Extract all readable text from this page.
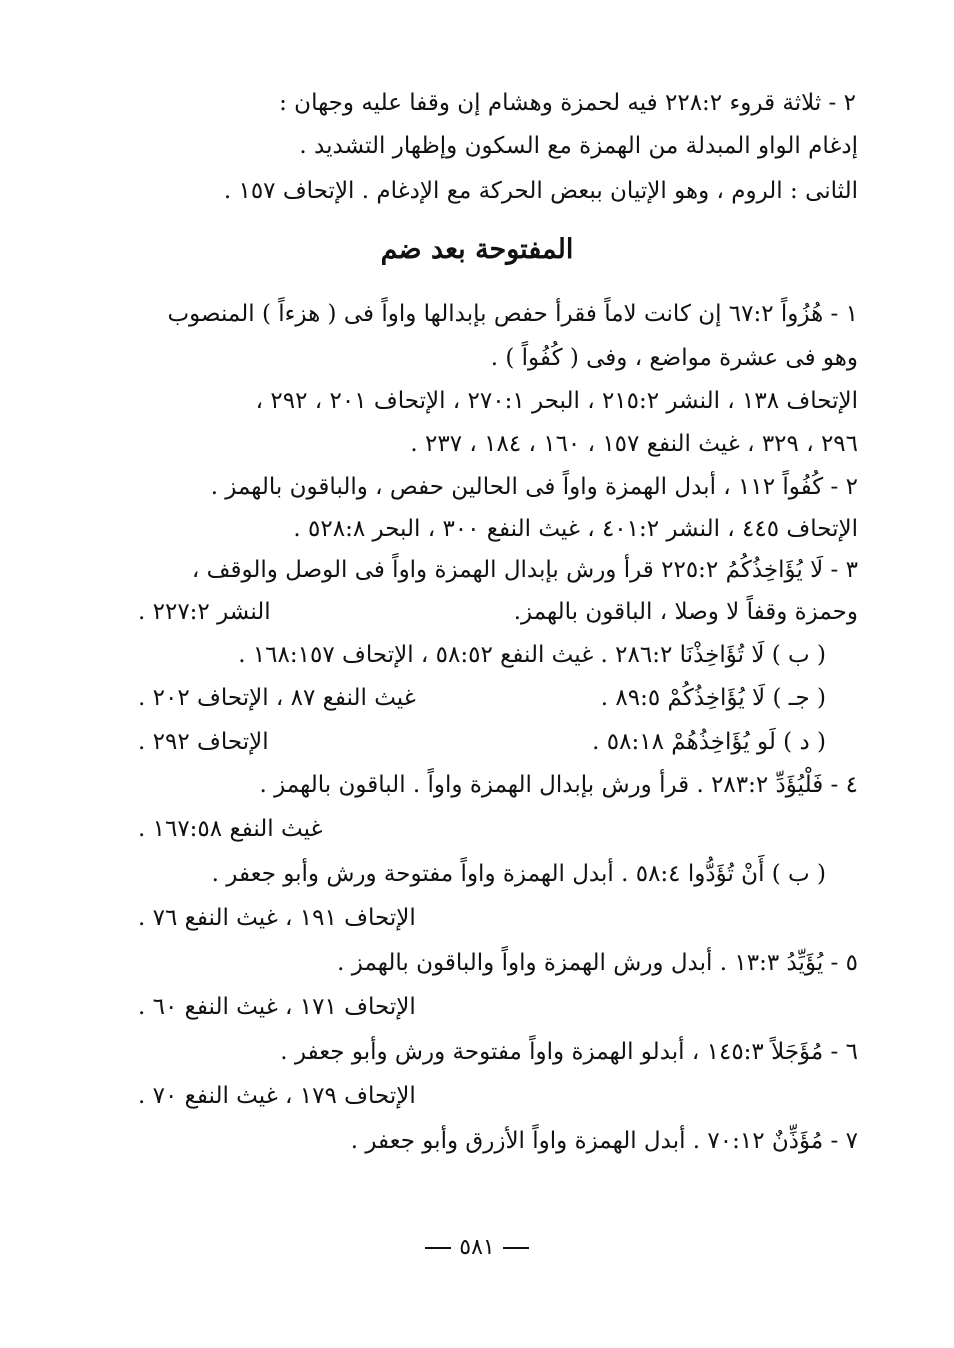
٢ - ثلاثة قروء ٢٢٨:٢ فيه لحمزة وهشام إن وقفا عليه وجهان :
إدغام الواو المبدلة من الهمزة مع السكون وإظهار التشديد .
الثانى : الروم ، وهو الإتيان ببعض الحركة مع الإدغام . الإتحاف ١٥٧ .
المفتوحة بعد ضم
١ - هُزُواً ٦٧:٢ إن كانت لاماً فقرأ حفص بإبدالها واواً فى ( هزءاً ) المنصوب
وهو فى عشرة مواضع ، وفى ( كُفُواً ) .
الإتحاف ١٣٨ ، النشر ٢١٥:٢ ، البحر ٢٧٠:١ ، الإتحاف ٢٠١ ، ٢٩٢ ،
٢٩٦ ، ٣٢٩ ، غيث النفع ١٥٧ ، ١٦٠ ، ١٨٤ ، ٢٣٧ .
٢ - كُفُواً ١١٢ ، أبدل الهمزة واواً فى الحالين حفص ، والباقون بالهمز .
الإتحاف ٤٤٥ ، النشر ٤٠١:٢ ، غيث النفع ٣٠٠ ، البحر ٥٢٨:٨ .
٣ - لَا يُؤَاخِذُكُمُ ٢٢٥:٢ قرأ ورش بإبدال الهمزة واواً فى الوصل والوقف ،
وحمزة وقفاً لا وصلا ، الباقون بالهمز.
النشر ٢٢٧:٢ .
( ب ) لَا تُؤَاخِذْنَا ٢٨٦:٢ . غيث النفع ٥٨:٥٢ ، الإتحاف ١٦٨:١٥٧ .
( جـ ) لَا يُؤَاخِذُكُمْ ٨٩:٥ .
غيث النفع ٨٧ ، الإتحاف ٢٠٢ .
( د ) لَو يُؤَاخِذُهُمْ ٥٨:١٨ .
الإتحاف ٢٩٢ .
٤ - فَلْيُؤَدِّ ٢٨٣:٢ . قرأ ورش بإبدال الهمزة واواً . الباقون بالهمز .
غيث النفع ١٦٧:٥٨ .
( ب ) أَنْ تُؤَدُّوا ٥٨:٤ . أبدل الهمزة واواً مفتوحة ورش وأبو جعفر .
الإتحاف ١٩١ ، غيث النفع ٧٦ .
٥ - يُؤَيِّدُ ١٣:٣ . أبدل ورش الهمزة واواً والباقون بالهمز .
الإتحاف ١٧١ ، غيث النفع ٦٠ .
٦ - مُؤَجَلاً ١٤٥:٣ ، أبدلو الهمزة واواً مفتوحة ورش وأبو جعفر .
الإتحاف ١٧٩ ، غيث النفع ٧٠ .
٧ - مُؤَذِّنٌ ٧٠:١٢ . أبدل الهمزة واواً الأزرق وأبو جعفر .
٥٨١
